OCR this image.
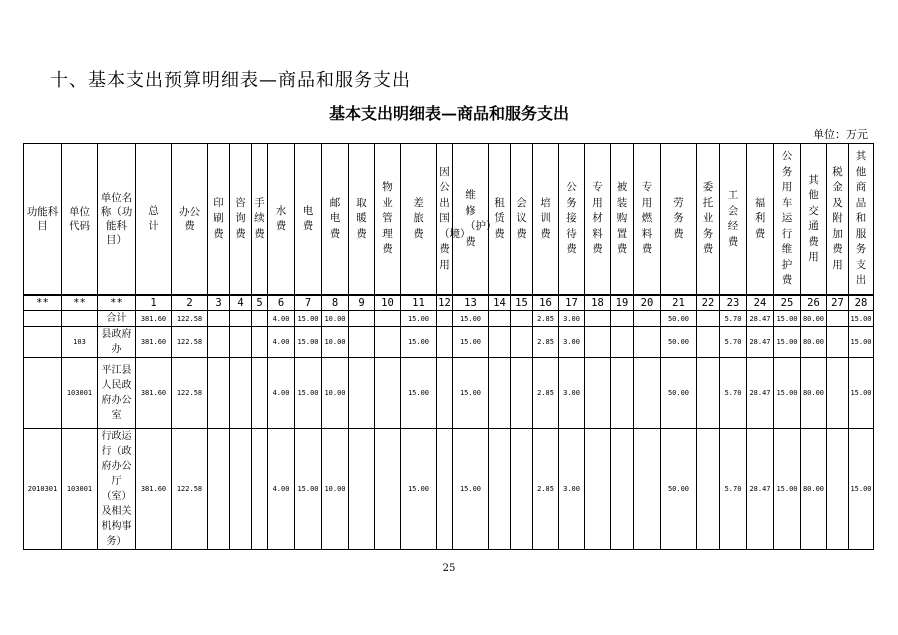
十、基本支出预算明细表—商品和服务支出
基本支出明细表—商品和服务支出
单位：万元
功能科目	单位代码	单位名称（功能科目）	总计	办公费	印刷费	咨询费	手续费	水费	电费	邮电费	取暖费	物业管理费	差旅费	因公出国（境）费用	维修（护）费	租赁费	会议费	培训费	公务接待费	专用材料费	被装购置费	专用燃料费	劳务费	委托业务费	工会经费	福利费	公务用车运行维护费	其他交通费用	税金及附加费用	其他商品和服务支出
**	**	**	1	2	3	4	5	6	7	8	9	10	11	12	13	14	15	16	17	18	19	20	21	22	23	24	25	26	27	28
		合计	381.60	122.58				4.00	15.00	10.00			15.00		15.00			2.85	3.00				50.00		5.70	28.47	15.00	80.00		15.00
	103	县政府办	381.60	122.58				4.00	15.00	10.00			15.00		15.00			2.85	3.00				50.00		5.70	28.47	15.00	80.00		15.00
	103001	平江县人民政府办公室	381.60	122.58				4.00	15.00	10.00			15.00		15.00			2.85	3.00				50.00		5.70	28.47	15.00	80.00		15.00
2010301	103001	行政运行（政府办公厅（室）及相关机构事务）	381.60	122.58				4.00	15.00	10.00			15.00		15.00			2.85	3.00				50.00		5.70	28.47	15.00	80.00		15.00
25
